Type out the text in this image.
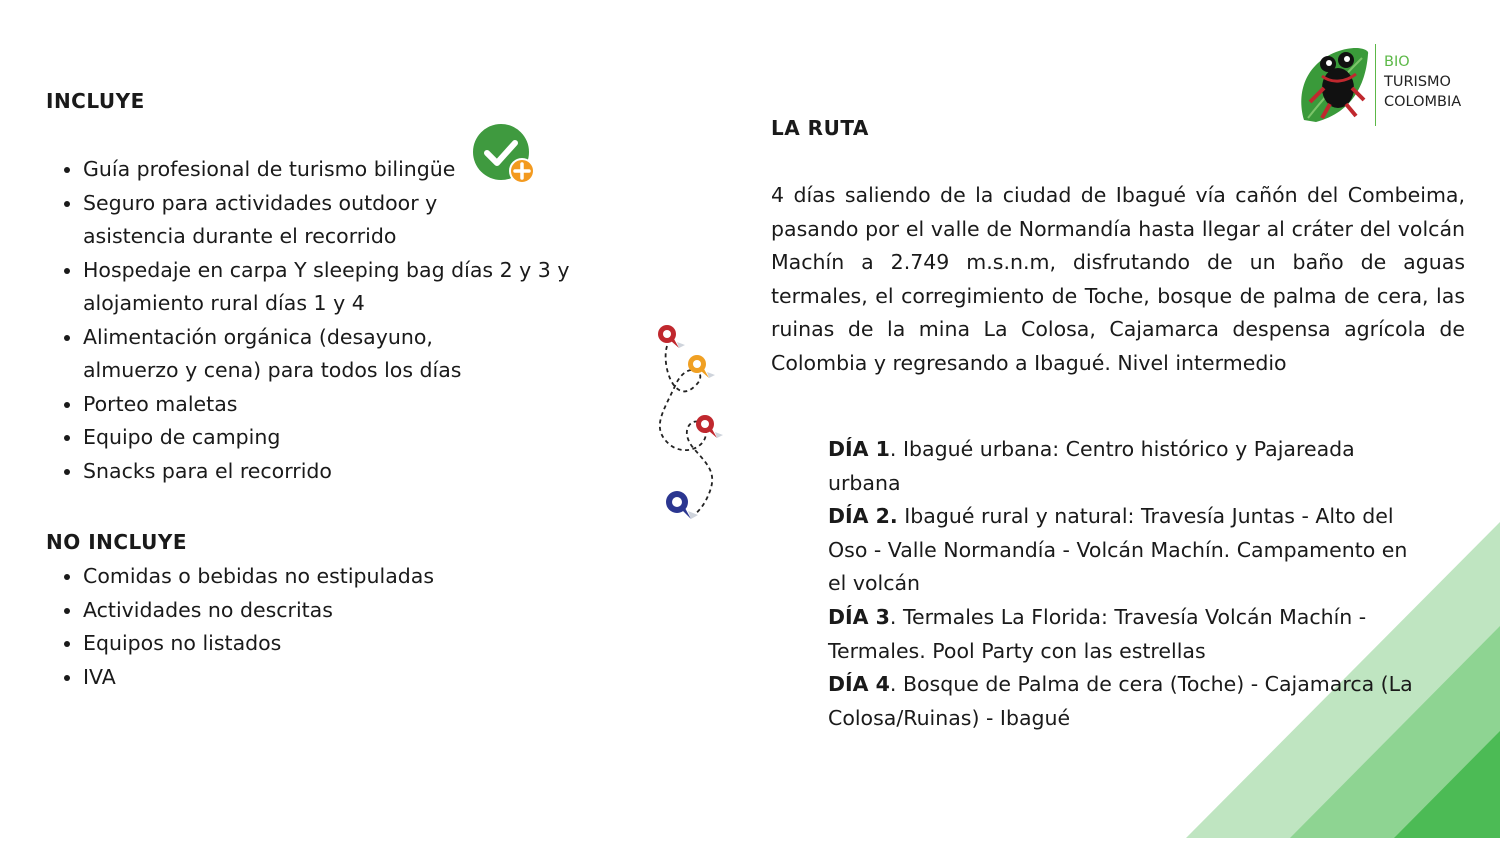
BIO
TURISMO
COLOMBIA
INCLUYE
• Guía profesional de turismo bilingüe
• Seguro para actividades outdoor y asistencia durante el recorrido
• Hospedaje en carpa Y sleeping bag días 2 y 3 y alojamiento rural días 1 y 4
• Alimentación orgánica (desayuno, almuerzo y cena) para todos los días
• Porteo maletas
• Equipo de camping
• Snacks para el recorrido
NO INCLUYE
• Comidas o bebidas no estipuladas
• Actividades no descritas
• Equipos no listados
• IVA
LA RUTA

4 días saliendo de la ciudad de Ibagué vía cañón del Combeima, pasando por el valle de Normandía hasta llegar al cráter del volcán Machín a 2.749 m.s.n.m, disfrutando de un baño de aguas termales, el corregimiento de Toche, bosque de palma de cera, las ruinas de la mina La Colosa, Cajamarca despensa agrícola de Colombia y regresando a Ibagué. Nivel intermedio

DÍA 1. Ibagué urbana: Centro histórico y Pajareada urbana

DÍA 2. Ibagué rural y natural: Travesía Juntas - Alto del Oso - Valle Normandía - Volcán Machín. Campamento en el volcán

DÍA 3. Termales La Florida: Travesía Volcán Machín - Termales. Pool Party con las estrellas

DÍA 4. Bosque de Palma de cera (Toche) - Cajamarca (La Colosa/Ruinas) - Ibagué
